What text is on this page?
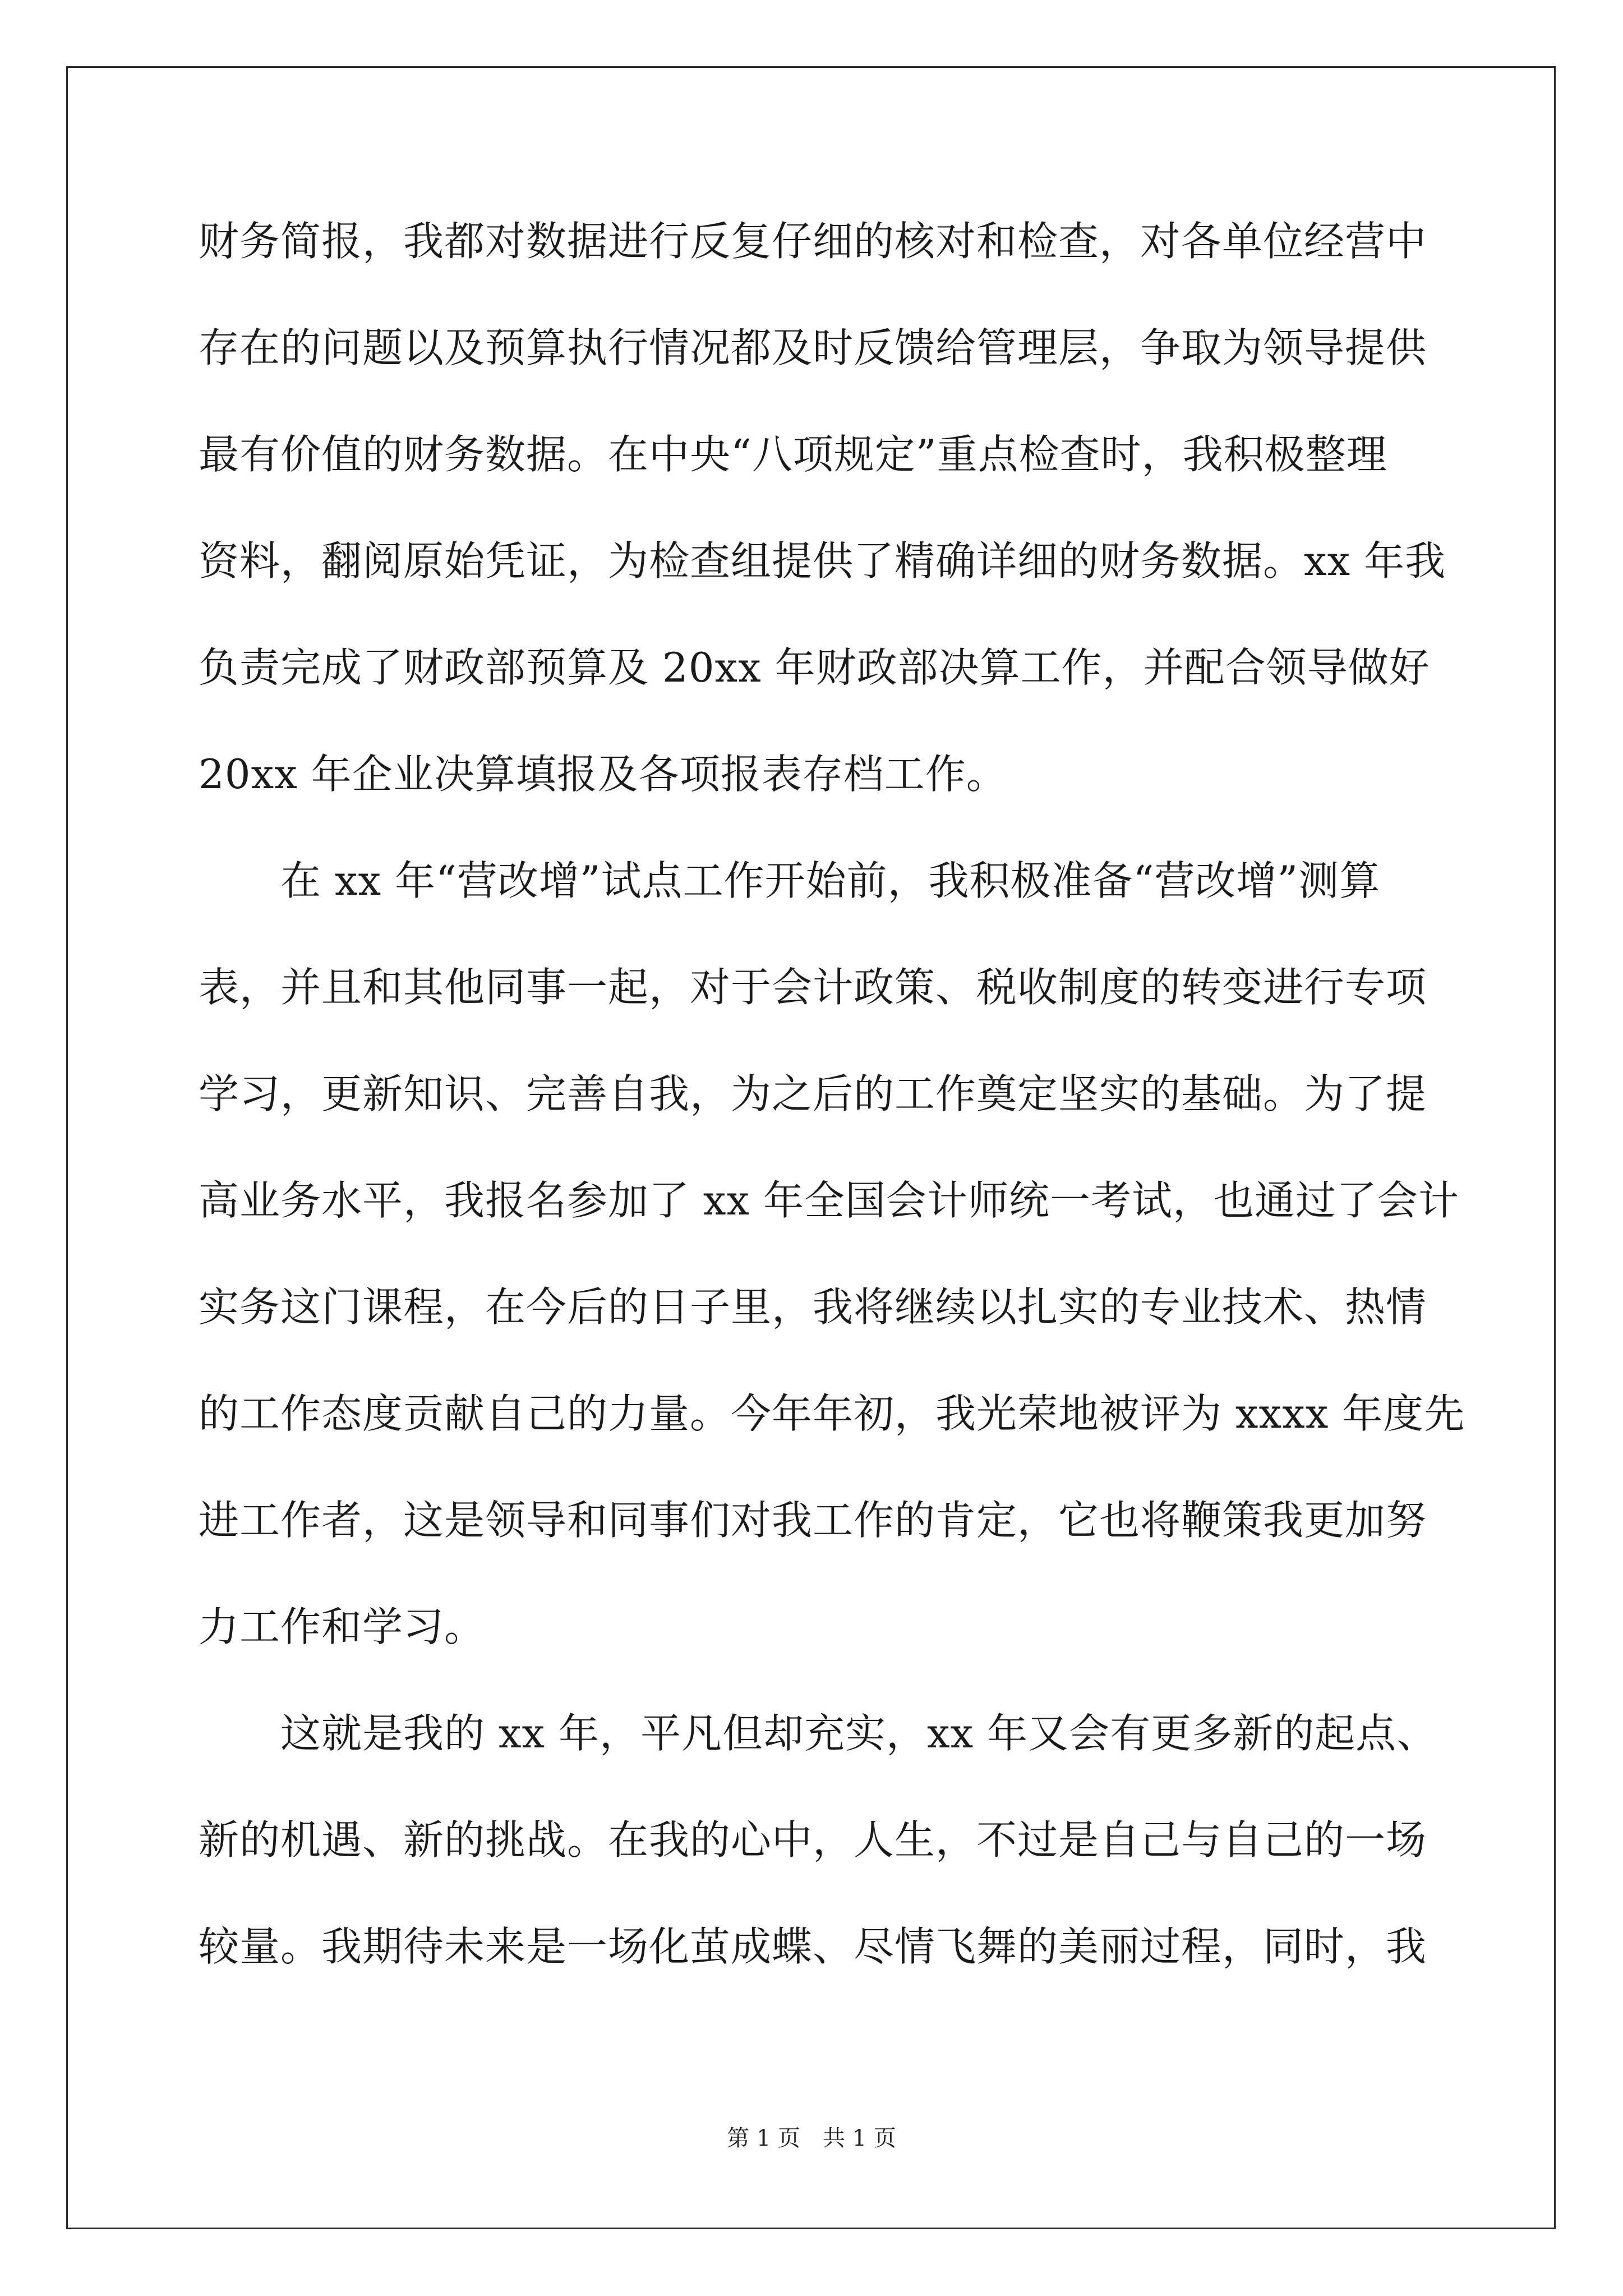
财务简报，我都对数据进行反复仔细的核对和检查，对各单位经营中
存在的问题以及预算执行情况都及时反馈给管理层，争取为领导提供
最有价值的财务数据。在中央“八项规定”重点检查时，我积极整理
资料，翻阅原始凭证，为检查组提供了精确详细的财务数据。xx 年我
负责完成了财政部预算及 20xx 年财政部决算工作，并配合领导做好
20xx 年企业决算填报及各项报表存档工作。
　　在 xx 年“营改增”试点工作开始前，我积极准备“营改增”测算
表，并且和其他同事一起，对于会计政策、税收制度的转变进行专项
学习，更新知识、完善自我，为之后的工作奠定坚实的基础。为了提
高业务水平，我报名参加了 xx 年全国会计师统一考试，也通过了会计
实务这门课程，在今后的日子里，我将继续以扎实的专业技术、热情
的工作态度贡献自己的力量。今年年初，我光荣地被评为 xxxx 年度先
进工作者，这是领导和同事们对我工作的肯定，它也将鞭策我更加努
力工作和学习。
　　这就是我的 xx 年，平凡但却充实，xx 年又会有更多新的起点、
新的机遇、新的挑战。在我的心中，人生，不过是自己与自己的一场
较量。我期待未来是一场化茧成蝶、尽情飞舞的美丽过程，同时，我
第 1 页　共 1 页
